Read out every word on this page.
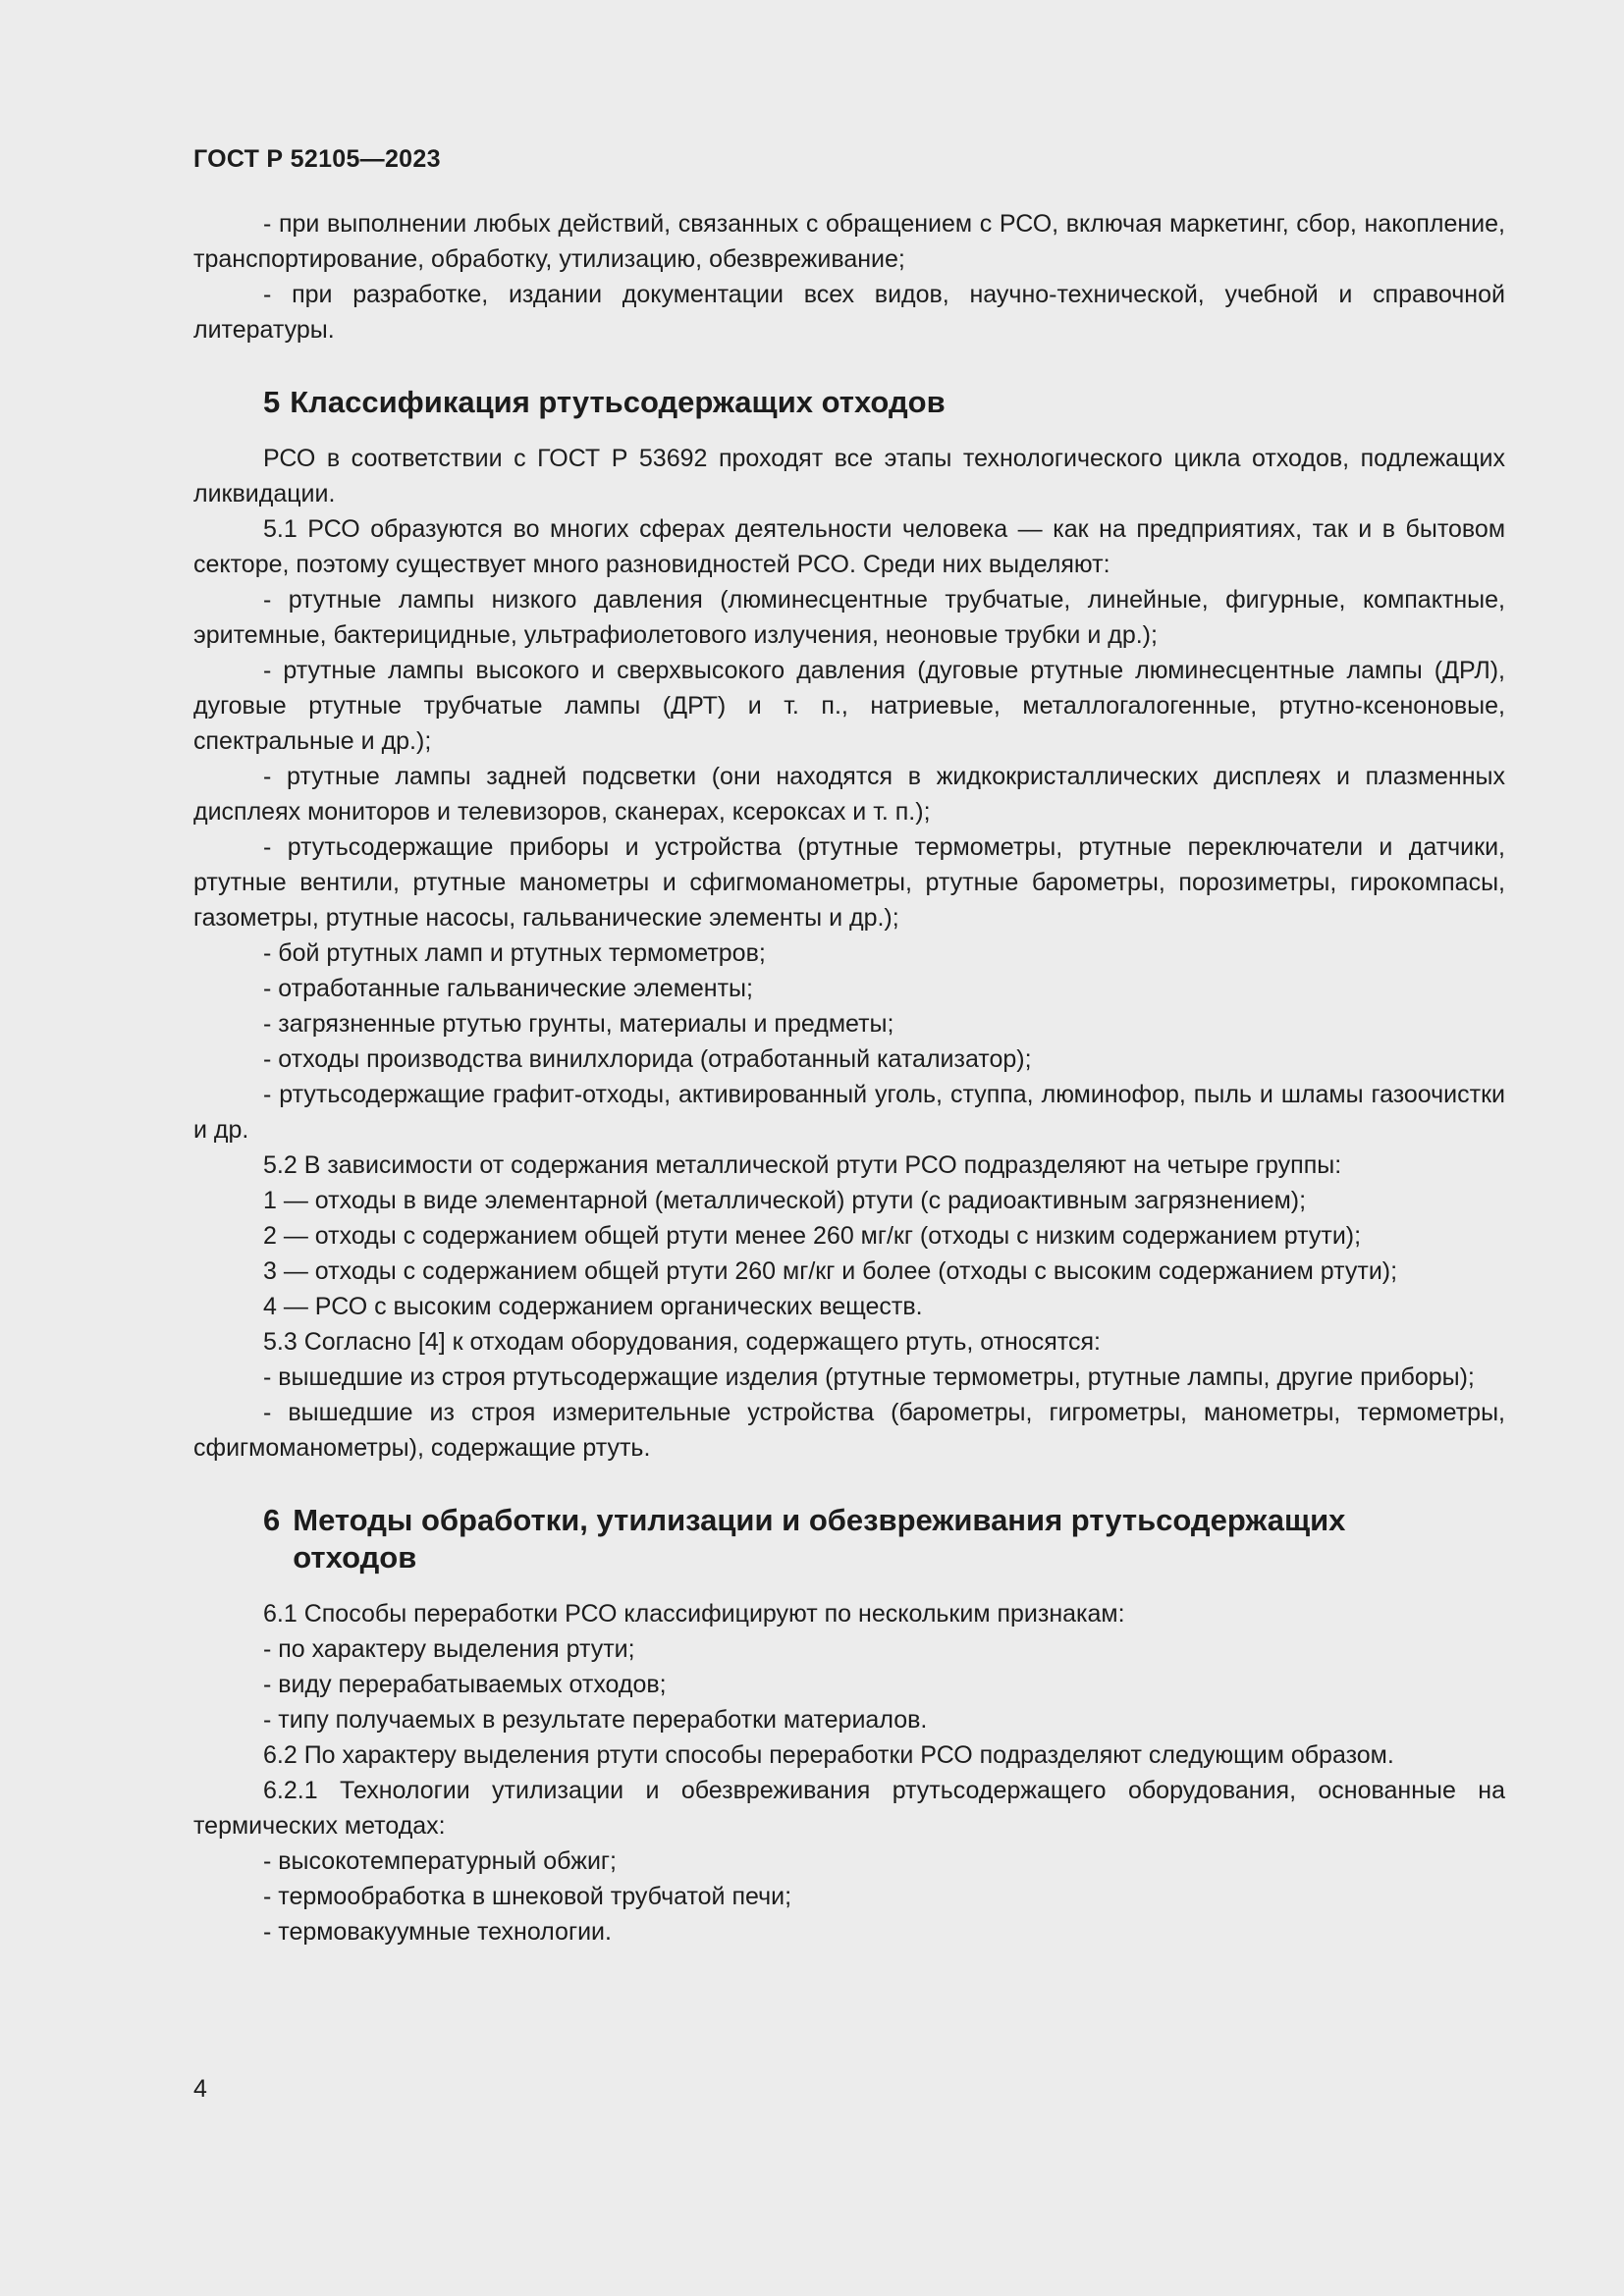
ГОСТ Р 52105—2023

- при выполнении любых действий, связанных с обращением с РСО, включая маркетинг, сбор, накопление, транспортирование, обработку, утилизацию, обезвреживание;

- при разработке, издании документации всех видов, научно-технической, учебной и справочной литературы.

5 Классификация ртутьсодержащих отходов

РСО в соответствии с ГОСТ Р 53692 проходят все этапы технологического цикла отходов, подлежащих ликвидации.

5.1 РСО образуются во многих сферах деятельности человека — как на предприятиях, так и в бытовом секторе, поэтому существует много разновидностей РСО. Среди них выделяют:

- ртутные лампы низкого давления (люминесцентные трубчатые, линейные, фигурные, компактные, эритемные, бактерицидные, ультрафиолетового излучения, неоновые трубки и др.);

- ртутные лампы высокого и сверхвысокого давления (дуговые ртутные люминесцентные лампы (ДРЛ), дуговые ртутные трубчатые лампы (ДРТ) и т. п., натриевые, металлогалогенные, ртутно-ксеноновые, спектральные и др.);

- ртутные лампы задней подсветки (они находятся в жидкокристаллических дисплеях и плазменных дисплеях мониторов и телевизоров, сканерах, ксероксах и т. п.);

- ртутьсодержащие приборы и устройства (ртутные термометры, ртутные переключатели и датчики, ртутные вентили, ртутные манометры и сфигмоманометры, ртутные барометры, порозиметры, гирокомпасы, газометры, ртутные насосы, гальванические элементы и др.);

- бой ртутных ламп и ртутных термометров;

- отработанные гальванические элементы;

- загрязненные ртутью грунты, материалы и предметы;

- отходы производства винилхлорида (отработанный катализатор);

- ртутьсодержащие графит-отходы, активированный уголь, ступпа, люминофор, пыль и шламы газоочистки и др.

5.2 В зависимости от содержания металлической ртути РСО подразделяют на четыре группы:

1 — отходы в виде элементарной (металлической) ртути (с радиоактивным загрязнением);

2 — отходы с содержанием общей ртути менее 260 мг/кг (отходы с низким содержанием ртути);

3 — отходы с содержанием общей ртути 260 мг/кг и более (отходы с высоким содержанием ртути);

4 — РСО с высоким содержанием органических веществ.

5.3 Согласно [4] к отходам оборудования, содержащего ртуть, относятся:

- вышедшие из строя ртутьсодержащие изделия (ртутные термометры, ртутные лампы, другие приборы);

- вышедшие из строя измерительные устройства (барометры, гигрометры, манометры, термометры, сфигмоманометры), содержащие ртуть.

6 Методы обработки, утилизации и обезвреживания ртутьсодержащих отходов

6.1 Способы переработки РСО классифицируют по нескольким признакам:

- по характеру выделения ртути;

- виду перерабатываемых отходов;

- типу получаемых в результате переработки материалов.

6.2 По характеру выделения ртути способы переработки РСО подразделяют следующим образом.

6.2.1 Технологии утилизации и обезвреживания ртутьсодержащего оборудования, основанные на термических методах:

- высокотемпературный обжиг;

- термообработка в шнековой трубчатой печи;

- термовакуумные технологии.

4
